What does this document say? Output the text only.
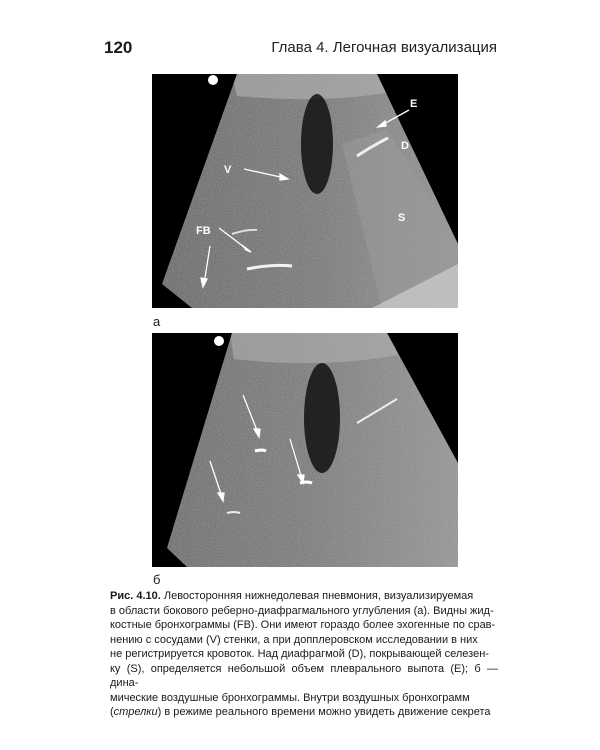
120	Глава 4. Легочная визуализация
E
D
V
FB
S
а
б
Рис. 4.10. Левосторонняя нижнедолевая пневмония, визуализируемая
в области бокового реберно-диафрагмального углубления (а). Видны жид-
костные бронхограммы (FB). Они имеют гораздо более эхогенные по срав-
нению с сосудами (V) стенки, а при допплеровском исследовании в них
не регистрируется кровоток. Над диафрагмой (D), покрывающей селезен-
ку (S), определяется небольшой объем плеврального выпота (E); б — дина-
мические воздушные бронхограммы. Внутри воздушных бронхограмм
(стрелки) в режиме реального времени можно увидеть движение секрета
